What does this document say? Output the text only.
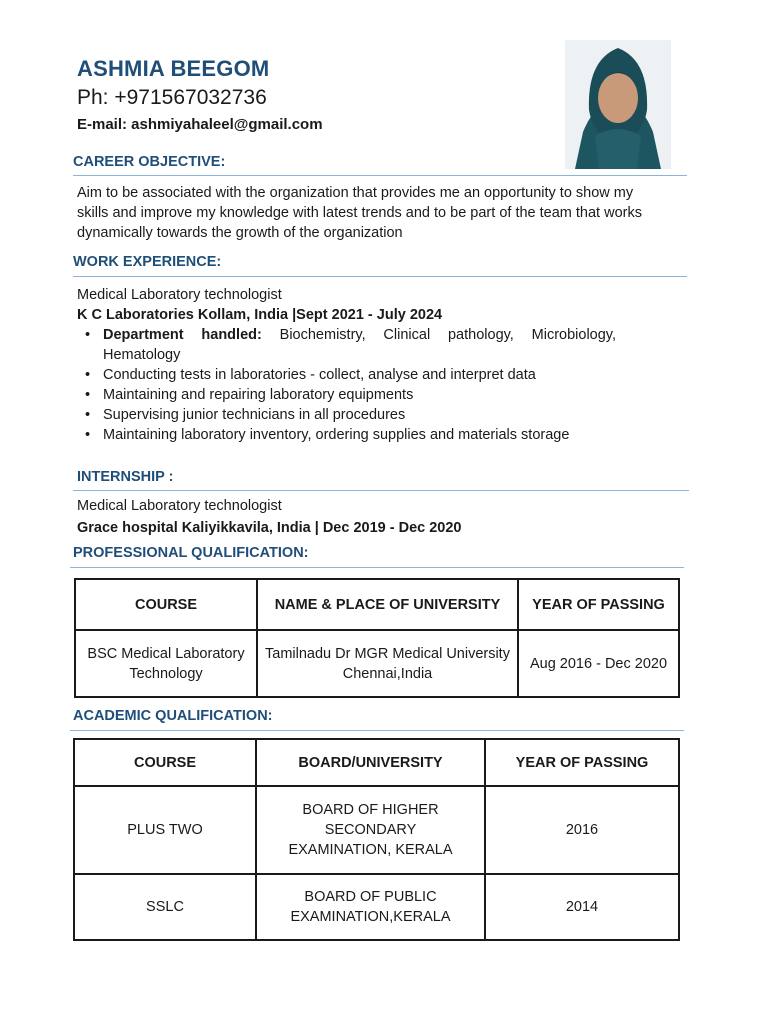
ASHMIA BEEGOM
Ph: +971567032736
E-mail: ashmiyahaleel@gmail.com
CAREER OBJECTIVE:
Aim to be associated with the organization that provides me an opportunity to show my
skills and improve my knowledge with latest trends and to be part of the team that works
dynamically towards the growth of the organization
WORK EXPERIENCE:
Medical Laboratory technologist
K C Laboratories Kollam, India |Sept 2021 - July 2024
• Department handled: Biochemistry, Clinical pathology, Microbiology, Hematology
• Conducting tests in laboratories - collect, analyse and interpret data
• Maintaining and repairing laboratory equipments
• Supervising junior technicians in all procedures
• Maintaining laboratory inventory, ordering supplies and materials storage
INTERNSHIP :
Medical Laboratory technologist
Grace hospital Kaliyikkavila, India | Dec 2019 - Dec 2020
PROFESSIONAL QUALIFICATION:
COURSE	NAME & PLACE OF UNIVERSITY	YEAR OF PASSING
BSC Medical Laboratory Technology	Tamilnadu Dr MGR Medical University Chennai,India	Aug 2016 - Dec 2020
ACADEMIC QUALIFICATION:
COURSE	BOARD/UNIVERSITY	YEAR OF PASSING
PLUS TWO	BOARD OF HIGHER SECONDARY EXAMINATION, KERALA	2016
SSLC	BOARD OF PUBLIC EXAMINATION,KERALA	2014
